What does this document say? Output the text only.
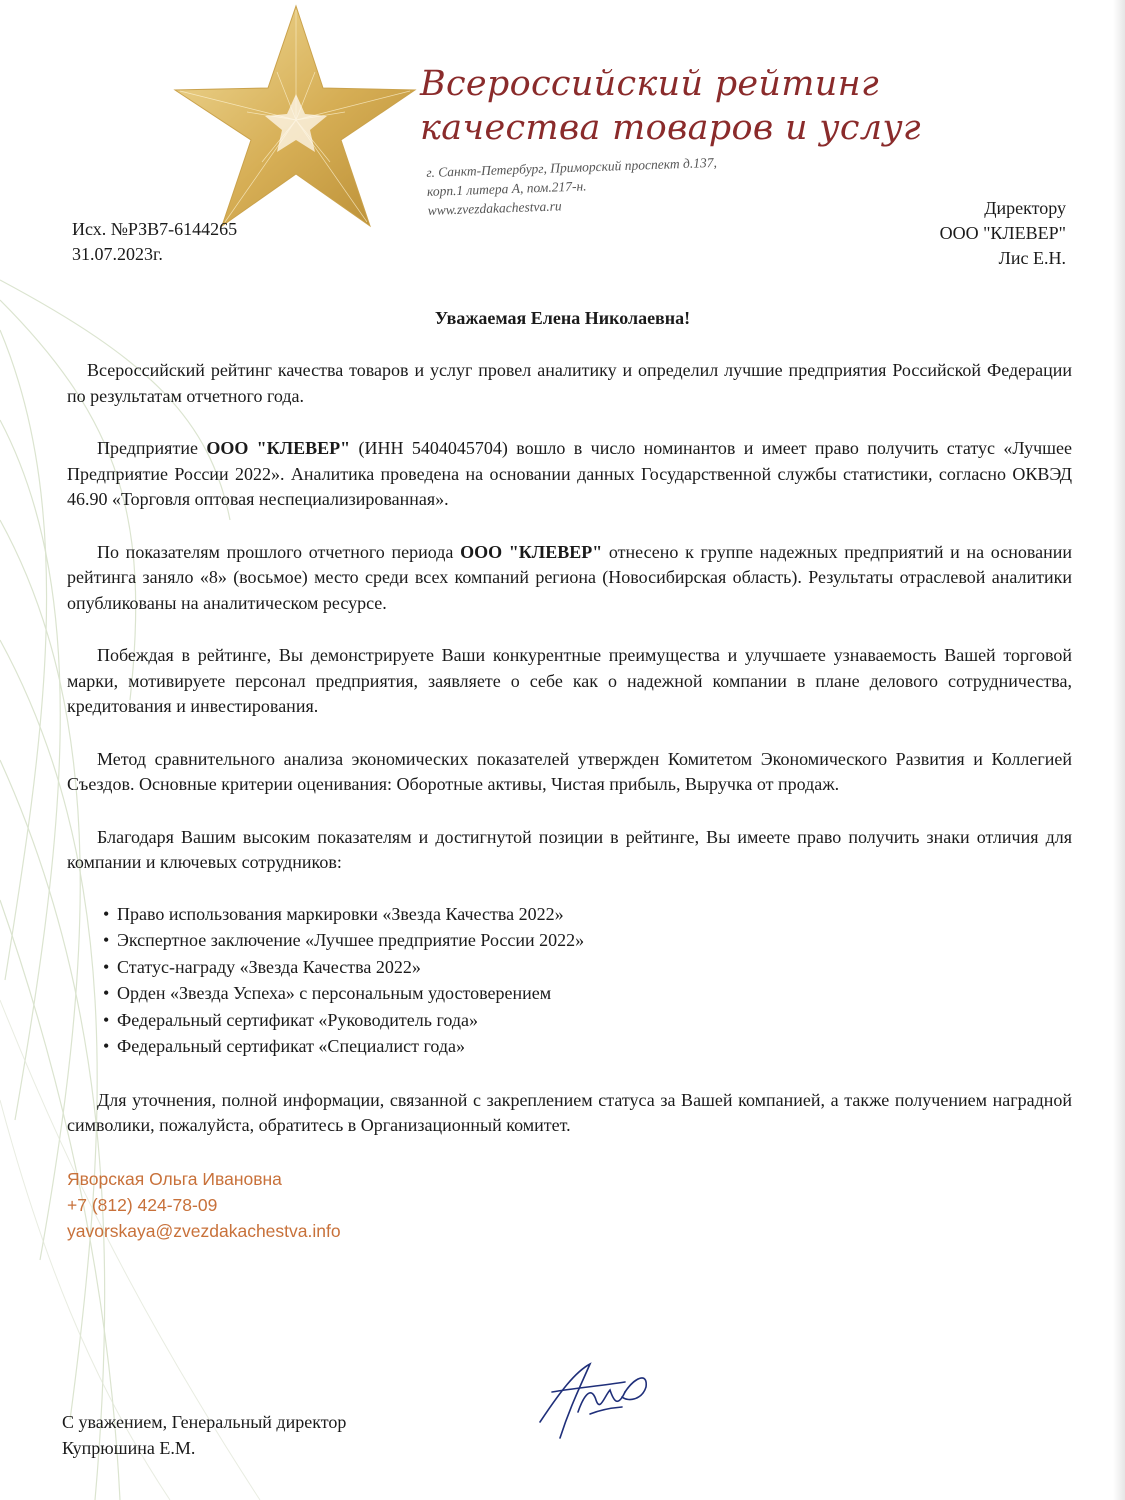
Всероссийский рейтинг
качества товаров и услуг
г. Санкт-Петербург, Приморский проспект д.137,
корп.1 литера А, пом.217-н.
www.zvezdakachestva.ru
Исх. №РЗВ7-6144265
31.07.2023г.
Директору
ООО "КЛЕВЕР"
Лис Е.Н.
Уважаемая Елена Николаевна!

Всероссийский рейтинг качества товаров и услуг провел аналитику и определил лучшие предприятия Российской Федерации по результатам отчетного года.

Предприятие ООО "КЛЕВЕР" (ИНН 5404045704) вошло в число номинантов и имеет право получить статус «Лучшее Предприятие России 2022». Аналитика проведена на основании данных Государственной службы статистики, согласно ОКВЭД 46.90 «Торговля оптовая неспециализированная».

По показателям прошлого отчетного периода ООО "КЛЕВЕР" отнесено к группе надежных предприятий и на основании рейтинга заняло «8» (восьмое) место среди всех компаний региона (Новосибирская область). Результаты отраслевой аналитики опубликованы на аналитическом ресурсе.

Побеждая в рейтинге, Вы демонстрируете Ваши конкурентные преимущества и улучшаете узнаваемость Вашей торговой марки, мотивируете персонал предприятия, заявляете о себе как о надежной компании в плане делового сотрудничества, кредитования и инвестирования.

Метод сравнительного анализа экономических показателей утвержден Комитетом Экономического Развития и Коллегией Съездов. Основные критерии оценивания: Оборотные активы, Чистая прибыль, Выручка от продаж.

Благодаря Вашим высоким показателям и достигнутой позиции в рейтинге, Вы имеете право получить знаки отличия для компании и ключевых сотрудников:

• Право использования маркировки «Звезда Качества 2022»
• Экспертное заключение «Лучшее предприятие России 2022»
• Статус-награду «Звезда Качества 2022»
• Орден «Звезда Успеха» с персональным удостоверением
• Федеральный сертификат «Руководитель года»
• Федеральный сертификат «Специалист года»

Для уточнения, полной информации, связанной с закреплением статуса за Вашей компанией, а также получением наградной символики, пожалуйста, обратитесь в Организационный комитет.

Яворская Ольга Ивановна
+7 (812) 424-78-09
yavorskaya@zvezdakachestva.info
С уважением, Генеральный директор
Купрюшина Е.М.
